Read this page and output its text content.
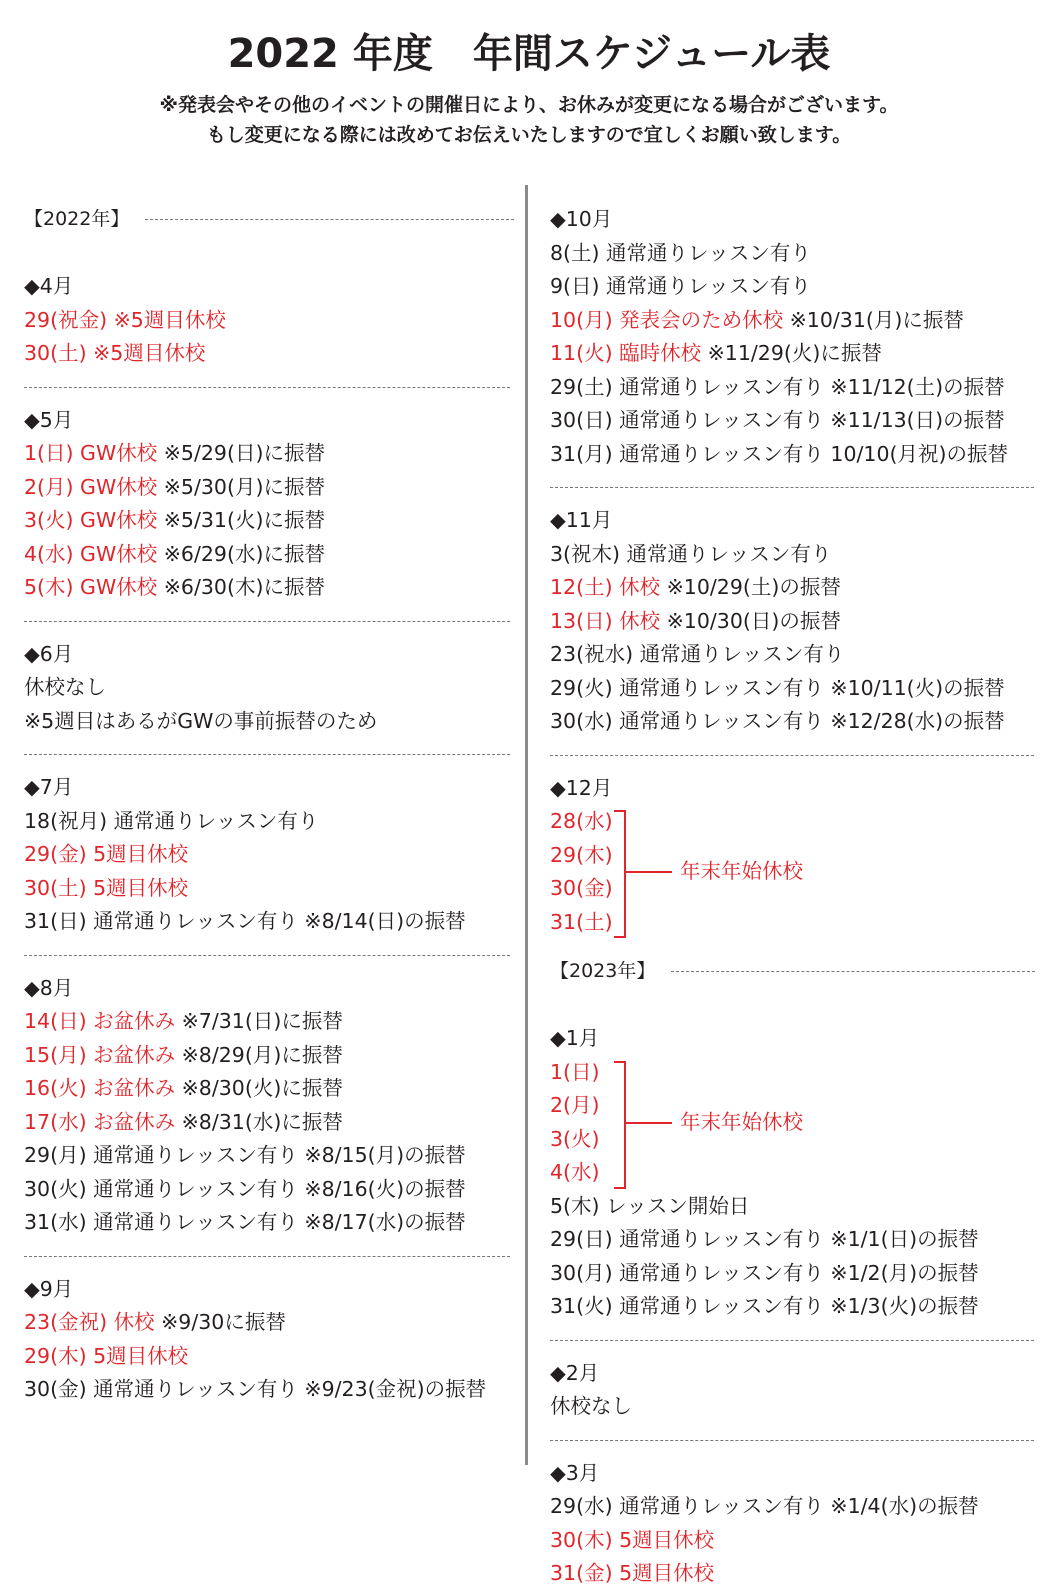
2022 年度　年間スケジュール表
※発表会やその他のイベントの開催日により、お休みが変更になる場合がございます。
もし変更になる際には改めてお伝えいたしますので宜しくお願い致します。
【2022年】
◆4月
29(祝金) ※5週目休校
30(土) ※5週目休校
◆5月
1(日) GW休校 ※5/29(日)に振替
2(月) GW休校 ※5/30(月)に振替
3(火) GW休校 ※5/31(火)に振替
4(水) GW休校 ※6/29(水)に振替
5(木) GW休校 ※6/30(木)に振替
◆6月
休校なし
※5週目はあるがGWの事前振替のため
◆7月
18(祝月) 通常通りレッスン有り
29(金) 5週目休校
30(土) 5週目休校
31(日) 通常通りレッスン有り ※8/14(日)の振替
◆8月
14(日) お盆休み ※7/31(日)に振替
15(月) お盆休み ※8/29(月)に振替
16(火) お盆休み ※8/30(火)に振替
17(水) お盆休み ※8/31(水)に振替
29(月) 通常通りレッスン有り ※8/15(月)の振替
30(火) 通常通りレッスン有り ※8/16(火)の振替
31(水) 通常通りレッスン有り ※8/17(水)の振替
◆9月
23(金祝) 休校 ※9/30に振替
29(木) 5週目休校
30(金) 通常通りレッスン有り ※9/23(金祝)の振替
◆10月
8(土) 通常通りレッスン有り
9(日) 通常通りレッスン有り
10(月) 発表会のため休校 ※10/31(月)に振替
11(火) 臨時休校 ※11/29(火)に振替
29(土) 通常通りレッスン有り ※11/12(土)の振替
30(日) 通常通りレッスン有り ※11/13(日)の振替
31(月) 通常通りレッスン有り 10/10(月祝)の振替
◆11月
3(祝木) 通常通りレッスン有り
12(土) 休校 ※10/29(土)の振替
13(日) 休校 ※10/30(日)の振替
23(祝水) 通常通りレッスン有り
29(火) 通常通りレッスン有り ※10/11(火)の振替
30(水) 通常通りレッスン有り ※12/28(水)の振替
◆12月
28(水)
29(木)
30(金)
31(土)
年末年始休校
【2023年】
◆1月
1(日)
2(月)
3(火)
4(水)
年末年始休校
5(木) レッスン開始日
29(日) 通常通りレッスン有り ※1/1(日)の振替
30(月) 通常通りレッスン有り ※1/2(月)の振替
31(火) 通常通りレッスン有り ※1/3(火)の振替
◆2月
休校なし
◆3月
29(水) 通常通りレッスン有り ※1/4(水)の振替
30(木) 5週目休校
31(金) 5週目休校
